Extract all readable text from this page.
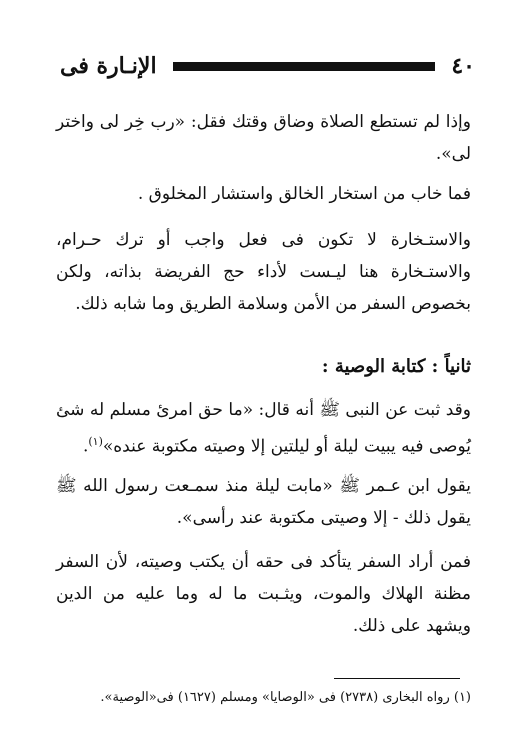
٤٠
الإنـارة فى

وإذا لم تستطع الصلاة وضاق وقتك فقل: «رب خِر لى واختر لى».

فما خاب من استخار الخالق واستشار المخلوق .

والاستـخارة لا تكون فى فعل واجب أو ترك حـرام، والاستـخارة هنا ليـست لأداء حج الفريضة بذاته، ولكن بخصوص السفر من الأمن وسلامة الطريق وما شابه ذلك.

ثانياً : كتابة الوصية :

وقد ثبت عن النبى ﷺ أنه قال: «ما حق امرئ مسلم له شئ يُوصى فيه يبيت ليلة أو ليلتين إلا وصيته مكتوبة عنده»$^{(١)}$.

يقول ابن عـمر ﷺ «مابت ليلة منذ سمـعت رسول الله ﷺ يقول ذلك - إلا وصيتى مكتوبة عند رأسى».

فمن أراد السفر يتأكد فى حقه أن يكتب وصيته، لأن السفر مظنة الهلاك والموت، ويثـبت ما له وما عليه من الدين ويشهد على ذلك.

(١) رواه البخارى (٢٧٣٨) فى «الوصايا» ومسلم (١٦٢٧) فى«الوصية».
